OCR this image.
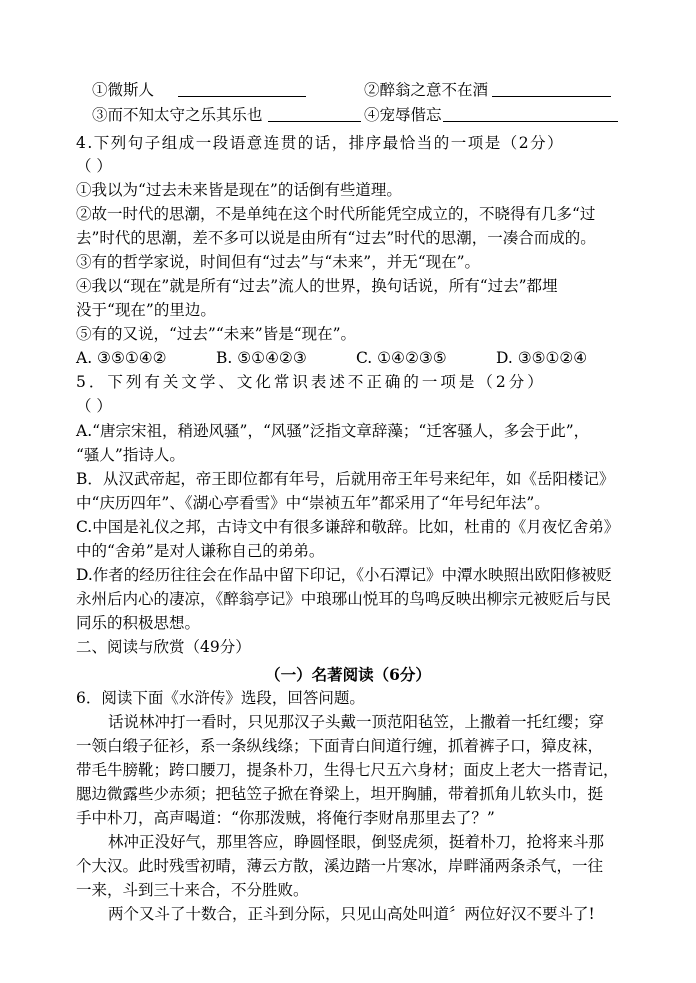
①微斯人	②醉翁之意不在酒
③而不知太守之乐其乐也	④宠辱偕忘
4.下列句子组成一段语意连贯的话，排序最恰当的一项是（2分）
（ ）
①我以为“过去未来皆是现在”的话倒有些道理。
②故一时代的思潮，不是单纯在这个时代所能凭空成立的，不晓得有几多“过
去”时代的思潮，差不多可以说是由所有“过去”时代的思潮，一凑合而成的。
③有的哲学家说，时间但有“过去”与“未来”，并无“现在”。
④我以“现在”就是所有“过去”流人的世界，换句话说，所有“过去”都埋
没于“现在”的里边。
⑤有的又说，“过去”“未来”皆是“现在”。
A. ③⑤①④②	B. ⑤①④②③	C. ①④②③⑤	D. ③⑤①②④
5．下列有关文学、文化常识表述不正确的一项是（2分）
（ ）
A.“唐宗宋祖，稍逊风骚”，“风骚”泛指文章辞藻；“迁客骚人，多会于此”，
“骚人”指诗人。
B．从汉武帝起，帝王即位都有年号，后就用帝王年号来纪年，如《岳阳楼记》
中“庆历四年”、《湖心亭看雪》中“崇祯五年”都采用了“年号纪年法”。
C.中国是礼仪之邦，古诗文中有很多谦辞和敬辞。比如，杜甫的《月夜忆舍弟》
中的“舍弟”是对人谦称自己的弟弟。
D.作者的经历往往会在作品中留下印记，《小石潭记》中潭水映照出欧阳修被贬
永州后内心的凄凉，《醉翁亭记》中琅琊山悦耳的鸟鸣反映出柳宗元被贬后与民
同乐的积极思想。
二、阅读与欣赏（49分）
（一）名著阅读（6分）
6．阅读下面《水浒传》选段，回答问题。
话说林冲打一看时，只见那汉子头戴一顶范阳毡笠，上撒着一托红缨；穿
一领白缎子征衫，系一条纵线绦；下面青白间道行缠，抓着裤子口，獐皮袜，
带毛牛膀靴；跨口腰刀，提条朴刀，生得七尺五六身材；面皮上老大一搭青记，
腮边微露些少赤须；把毡笠子掀在脊梁上，坦开胸脯，带着抓角儿软头巾，挺
手中朴刀，高声喝道：“你那泼贼，将俺行李财帛那里去了？”
林冲正没好气，那里答应，睁圆怪眼，倒竖虎须，挺着朴刀，抢将来斗那
个大汉。此时残雪初晴，薄云方散，溪边踏一片寒冰，岸畔涌两条杀气，一往
一来，斗到三十来合，不分胜败。
两个又斗了十数合，正斗到分际，只见山高处叫道〞两位好汉不要斗了!
